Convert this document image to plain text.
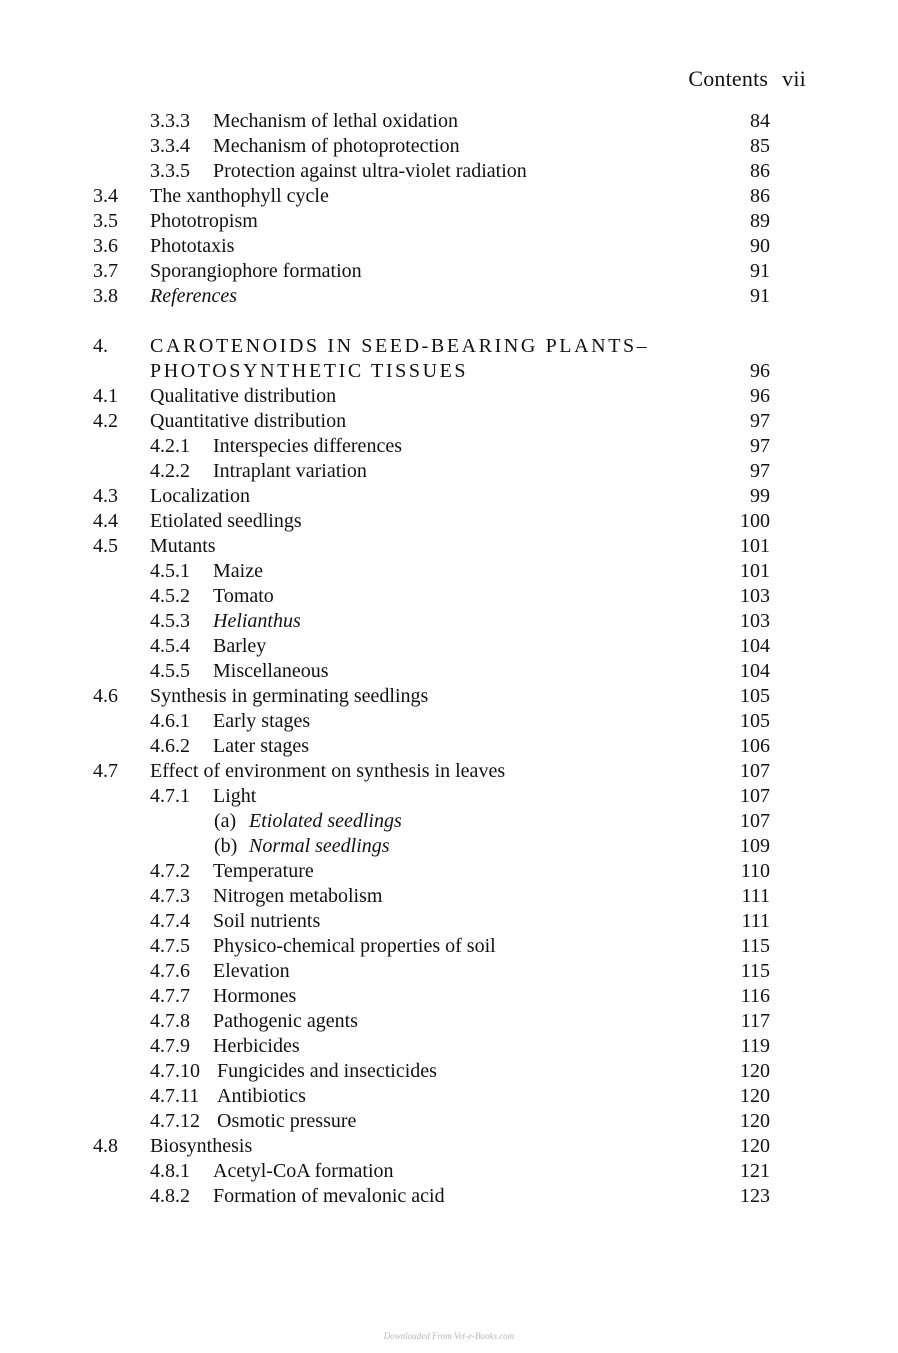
Contents vii
3.3.3 Mechanism of lethal oxidation	84
3.3.4 Mechanism of photoprotection	85
3.3.5 Protection against ultra-violet radiation	86
3.4 The xanthophyll cycle	86
3.5 Phototropism	89
3.6 Phototaxis	90
3.7 Sporangiophore formation	91
3.8 References	91
4. CAROTENOIDS IN SEED-BEARING PLANTS–
PHOTOSYNTHETIC TISSUES	96
4.1 Qualitative distribution	96
4.2 Quantitative distribution	97
4.2.1 Interspecies differences	97
4.2.2 Intraplant variation	97
4.3 Localization	99
4.4 Etiolated seedlings	100
4.5 Mutants	101
4.5.1 Maize	101
4.5.2 Tomato	103
4.5.3 Helianthus	103
4.5.4 Barley	104
4.5.5 Miscellaneous	104
4.6 Synthesis in germinating seedlings	105
4.6.1 Early stages	105
4.6.2 Later stages	106
4.7 Effect of environment on synthesis in leaves	107
4.7.1 Light	107
(a) Etiolated seedlings	107
(b) Normal seedlings	109
4.7.2 Temperature	110
4.7.3 Nitrogen metabolism	111
4.7.4 Soil nutrients	111
4.7.5 Physico-chemical properties of soil	115
4.7.6 Elevation	115
4.7.7 Hormones	116
4.7.8 Pathogenic agents	117
4.7.9 Herbicides	119
4.7.10 Fungicides and insecticides	120
4.7.11 Antibiotics	120
4.7.12 Osmotic pressure	120
4.8 Biosynthesis	120
4.8.1 Acetyl-CoA formation	121
4.8.2 Formation of mevalonic acid	123
Downloaded From Vet-e-Books.com
